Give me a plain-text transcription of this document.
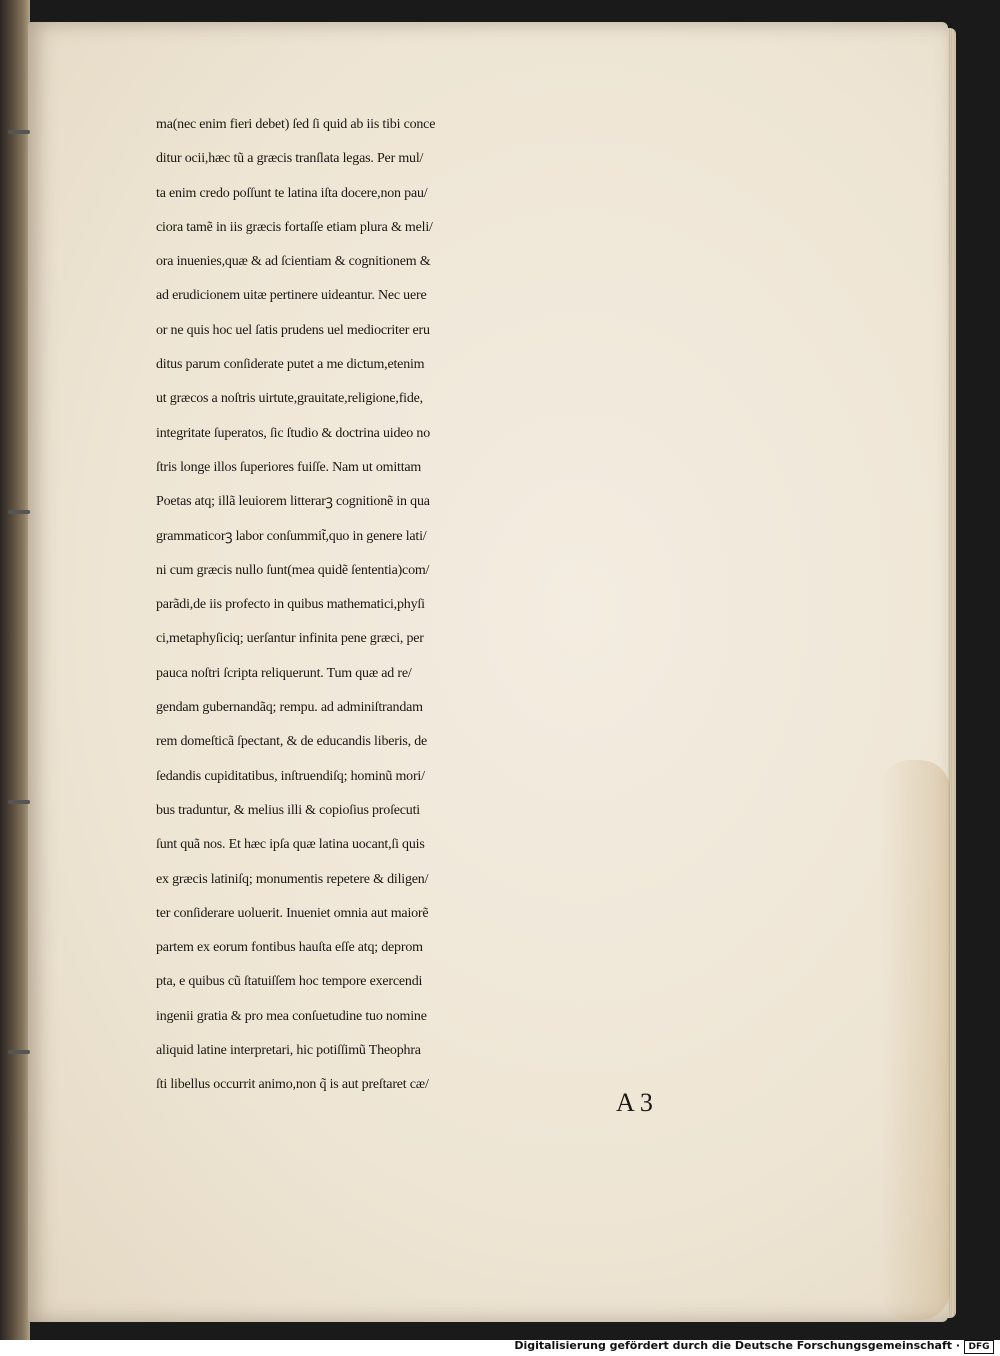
ma(nec enim fieri debet) ſed ſi quid ab iis tibi conce
ditur ocii,hæc tũ a græcis tranſlata legas. Per mul/
ta enim credo poſſunt te latina iſta docere,non pau/
ciora tamẽ in iis græcis fortaſſe etiam plura & meli/
ora inuenies,quæ & ad ſcientiam & cognitionem &
ad erudicionem uitæ pertinere uideantur. Nec uere
or ne quis hoc uel ſatis prudens uel mediocriter eru
ditus parum conſiderate putet a me dictum,etenim
ut græcos a noſtris uirtute,grauitate,religione,fide,
integritate ſuperatos, ſic ſtudio & doctrina uideo no
ſtris longe illos ſuperiores fuiſſe. Nam ut omittam
Poetas atq; illã leuiorem litterarꝫ cognitionẽ in qua
grammaticorꝫ labor conſummit̃,quo in genere lati/
ni cum græcis nullo ſunt(mea quidẽ ſententia)com/
parãdi,de iis profecto in quibus mathematici,phyſi
ci,metaphyſiciq; uerſantur infinita pene græci, per
pauca noſtri ſcripta reliquerunt. Tum quæ ad re/
gendam gubernandãq; rempu. ad adminiſtrandam
rem domeſticã ſpectant, & de educandis liberis, de
ſedandis cupiditatibus, inſtruendiſq; hominũ mori/
bus traduntur, & melius illi & copioſius proſecuti
ſunt quã nos. Et hæc ipſa quæ latina uocant,ſi quis
ex græcis latiniſq; monumentis repetere & diligen/
ter conſiderare uoluerit. Inueniet omnia aut maiorẽ
partem ex eorum fontibus hauſta eſſe atq; deprom
pta, e quibus cũ ſtatuiſſem hoc tempore exercendi
ingenii gratia & pro mea conſuetudine tuo nomine
aliquid latine interpretari, hic potiſſimũ Theophra
ſti libellus occurrit animo,non q̃ is aut preſtaret cæ/
A 3
Digitalisierung gefördert durch die Deutsche Forschungsgemeinschaft · DFG
